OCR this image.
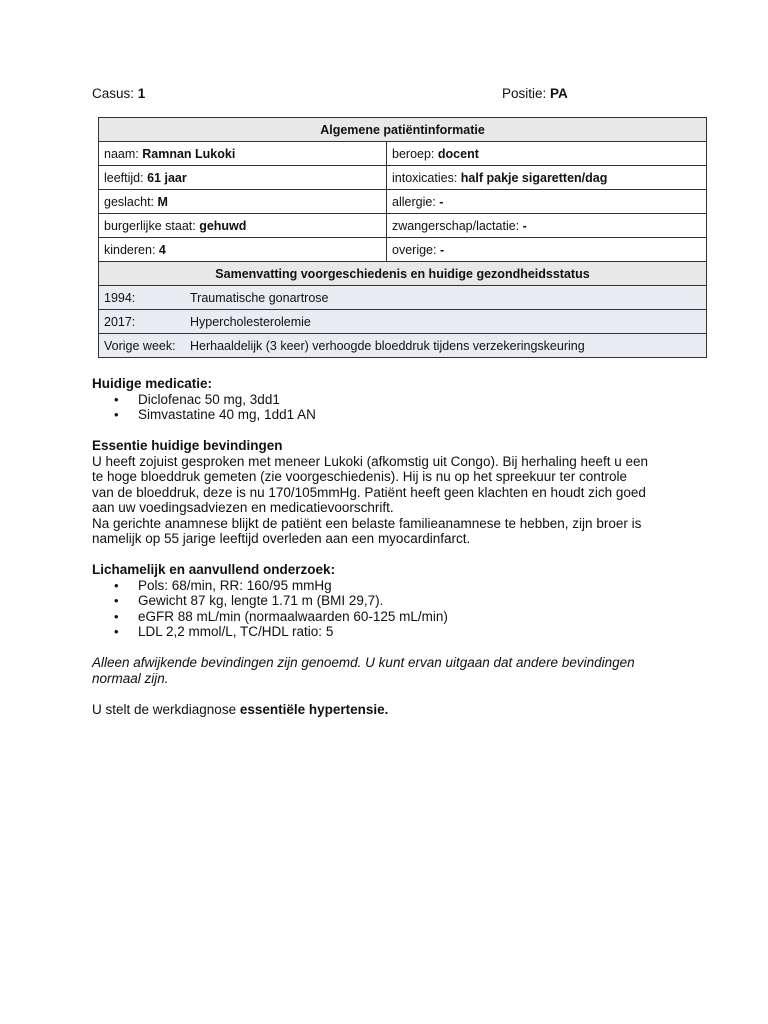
Casus: 1	Positie: PA
Algemene patiëntinformatie	
naam: Ramnan Lukoki	beroep: docent
leeftijd: 61 jaar	intoxicaties: half pakje sigaretten/dag
geslacht: M	allergie: -
burgerlijke staat: gehuwd	zwangerschap/lactatie: -
kinderen: 4	overige: -
Samenvatting voorgeschiedenis en huidige gezondheidsstatus	
1994: Traumatische gonartrose	
2017: Hypercholesterolemie	
Vorige week: Herhaaldelijk (3 keer) verhoogde bloeddruk tijdens verzekeringskeuring	

Huidige medicatie:

• Diclofenac 50 mg, 3dd1
• Simvastatine 40 mg, 1dd1 AN

Essentie huidige bevindingen

U heeft zojuist gesproken met meneer Lukoki (afkomstig uit Congo). Bij herhaling heeft u een

te hoge bloeddruk gemeten (zie voorgeschiedenis). Hij is nu op het spreekuur ter controle

van de bloeddruk, deze is nu 170/105mmHg. Patiënt heeft geen klachten en houdt zich goed

aan uw voedingsadviezen en medicatievoorschrift.

Na gerichte anamnese blijkt de patiënt een belaste familieanamnese te hebben, zijn broer is

namelijk op 55 jarige leeftijd overleden aan een myocardinfarct.

Lichamelijk en aanvullend onderzoek:

• Pols: 68/min, RR: 160/95 mmHg
• Gewicht 87 kg, lengte 1.71 m (BMI 29,7).
• eGFR 88 mL/min (normaalwaarden 60-125 mL/min)
• LDL 2,2 mmol/L, TC/HDL ratio: 5

Alleen afwijkende bevindingen zijn genoemd. U kunt ervan uitgaan dat andere bevindingen

normaal zijn.

U stelt de werkdiagnose essentiële hypertensie.
